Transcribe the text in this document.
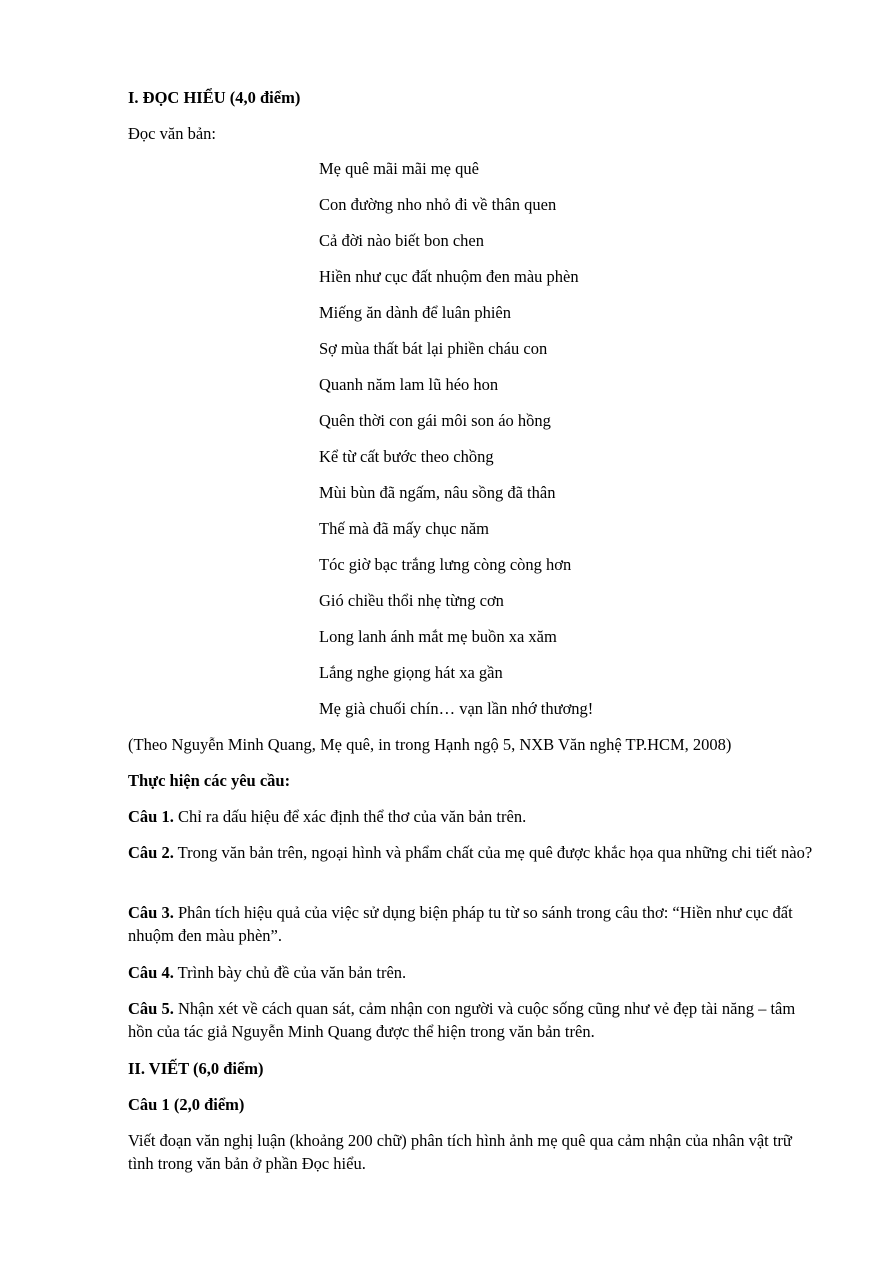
I. ĐỌC HIỂU (4,0 điểm)
Đọc văn bản:
Mẹ quê mãi mãi mẹ quê
Con đường nho nhỏ đi về thân quen
Cả đời nào biết bon chen
Hiền như cục đất nhuộm đen màu phèn
Miếng ăn dành để luân phiên
Sợ mùa thất bát lại phiền cháu con
Quanh năm lam lũ héo hon
Quên thời con gái môi son áo hồng
Kể từ cất bước theo chồng
Mùi bùn đã ngấm, nâu sồng đã thân
Thế mà đã mấy chục năm
Tóc giờ bạc trắng lưng còng còng hơn
Gió chiều thổi nhẹ từng cơn
Long lanh ánh mắt mẹ buồn xa xăm
Lắng nghe giọng hát xa gần
Mẹ già chuối chín… vạn lần nhớ thương!
(Theo Nguyễn Minh Quang, Mẹ quê, in trong Hạnh ngộ 5, NXB Văn nghệ TP.HCM, 2008)
Thực hiện các yêu cầu:
Câu 1. Chỉ ra dấu hiệu để xác định thể thơ của văn bản trên.
Câu 2. Trong văn bản trên, ngoại hình và phẩm chất của mẹ quê được khắc họa qua những chi tiết nào?
Câu 3. Phân tích hiệu quả của việc sử dụng biện pháp tu từ so sánh trong câu thơ: “Hiền như cục đất nhuộm đen màu phèn”.
Câu 4. Trình bày chủ đề của văn bản trên.
Câu 5. Nhận xét về cách quan sát, cảm nhận con người và cuộc sống cũng như vẻ đẹp tài năng – tâm hồn của tác giả Nguyễn Minh Quang được thể hiện trong văn bản trên.
II. VIẾT (6,0 điểm)
Câu 1 (2,0 điểm)
Viết đoạn văn nghị luận (khoảng 200 chữ) phân tích hình ảnh mẹ quê qua cảm nhận của nhân vật trữ tình trong văn bản ở phần Đọc hiểu.
